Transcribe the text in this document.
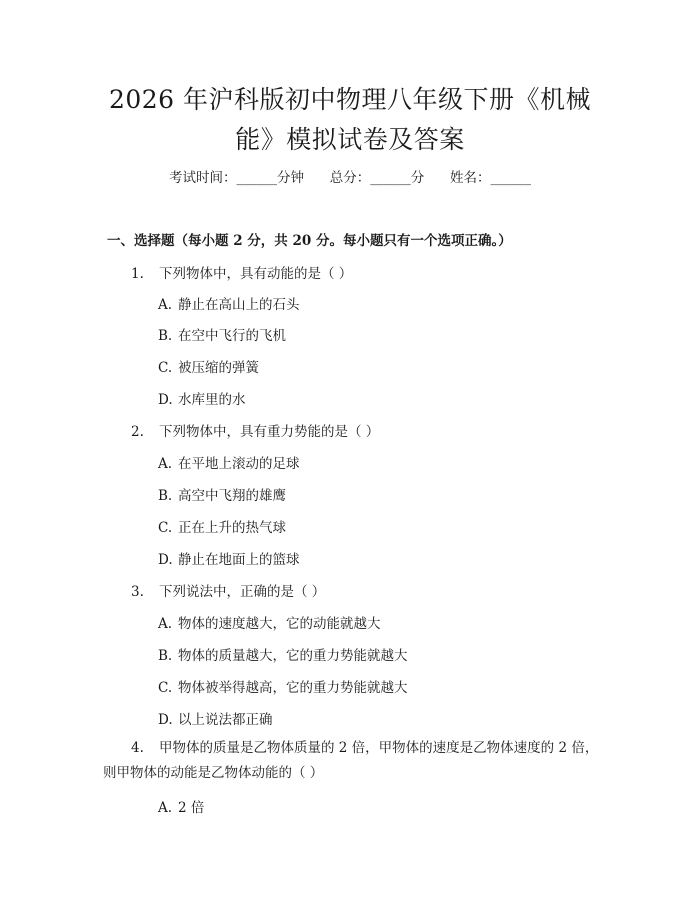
2026 年沪科版初中物理八年级下册《机械
能》模拟试卷及答案
考试时间：______分钟      总分：______分      姓名：______
一、选择题（每小题 2 分，共 20 分。每小题只有一个选项正确。）
1. 下列物体中，具有动能的是（ ）
A. 静止在高山上的石头
B. 在空中飞行的飞机
C. 被压缩的弹簧
D. 水库里的水
2. 下列物体中，具有重力势能的是（ ）
A. 在平地上滚动的足球
B. 高空中飞翔的雄鹰
C. 正在上升的热气球
D. 静止在地面上的篮球
3. 下列说法中，正确的是（ ）
A. 物体的速度越大，它的动能就越大
B. 物体的质量越大，它的重力势能就越大
C. 物体被举得越高，它的重力势能就越大
D. 以上说法都正确
4. 甲物体的质量是乙物体质量的 2 倍，甲物体的速度是乙物体速度的 2 倍，
则甲物体的动能是乙物体动能的（ ）
A. 2 倍
